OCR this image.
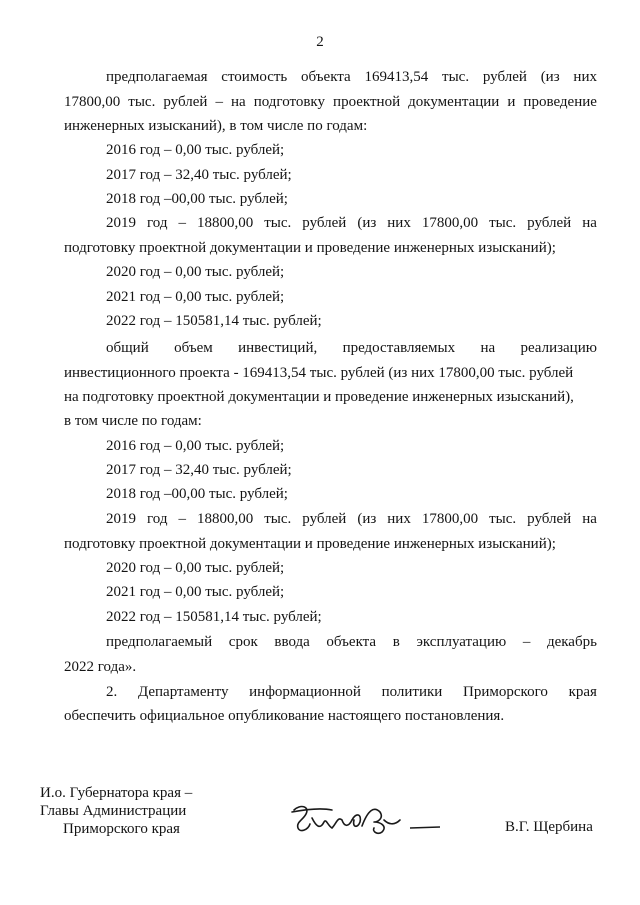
2
предполагаемая стоимость объекта 169413,54 тыс. рублей (из них
17800,00 тыс. рублей – на подготовку проектной документации и проведение
инженерных изысканий), в том числе по годам:
2016 год – 0,00 тыс. рублей;
2017 год – 32,40 тыс. рублей;
2018 год –00,00 тыс. рублей;
2019 год – 18800,00 тыс. рублей (из них 17800,00 тыс. рублей на
подготовку проектной документации и проведение инженерных изысканий);
2020 год – 0,00 тыс. рублей;
2021 год – 0,00 тыс. рублей;
2022 год – 150581,14 тыс. рублей;
общий объем инвестиций, предоставляемых на реализацию
инвестиционного проекта - 169413,54 тыс. рублей (из них 17800,00 тыс. рублей
на подготовку проектной документации и проведение инженерных изысканий),
в том числе по годам:
2016 год – 0,00 тыс. рублей;
2017 год – 32,40 тыс. рублей;
2018 год –00,00 тыс. рублей;
2019 год – 18800,00 тыс. рублей (из них 17800,00 тыс. рублей на
подготовку проектной документации и проведение инженерных изысканий);
2020 год – 0,00 тыс. рублей;
2021 год – 0,00 тыс. рублей;
2022 год – 150581,14 тыс. рублей;
предполагаемый срок ввода объекта в эксплуатацию – декабрь
2022 года».
2. Департаменту информационной политики Приморского края
обеспечить официальное опубликование настоящего постановления.
И.о. Губернатора края –
Главы Администрации
Приморского края	В.Г. Щербина
